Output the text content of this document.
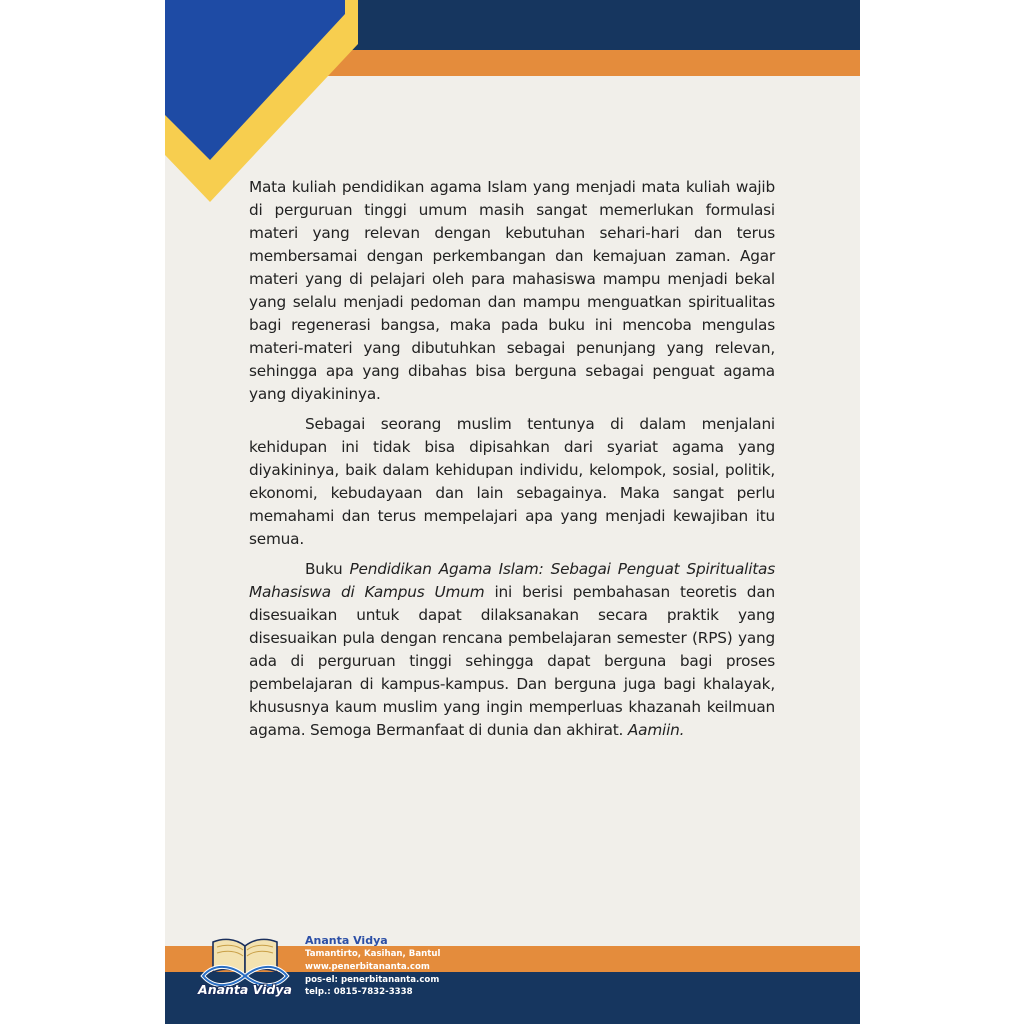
Mata kuliah pendidikan agama Islam yang menjadi mata kuliah wajib di perguruan tinggi umum masih sangat memerlukan formulasi materi yang relevan dengan kebutuhan sehari-hari dan terus membersamai dengan perkembangan dan kemajuan zaman. Agar materi yang di pelajari oleh para mahasiswa mampu menjadi bekal yang selalu menjadi pedoman dan mampu menguatkan spiritualitas bagi regenerasi bangsa, maka pada buku ini mencoba mengulas materi-materi yang dibutuhkan sebagai penunjang yang relevan, sehingga apa yang dibahas bisa berguna sebagai penguat agama yang diyakininya.

Sebagai seorang muslim tentunya di dalam menjalani kehidupan ini tidak bisa dipisahkan dari syariat agama yang diyakininya, baik dalam kehidupan individu, kelompok, sosial, politik, ekonomi, kebudayaan dan lain sebagainya. Maka sangat perlu memahami dan terus mempelajari apa yang menjadi kewajiban itu semua.

Buku Pendidikan Agama Islam: Sebagai Penguat Spiritualitas Mahasiswa di Kampus Umum ini berisi pembahasan teoretis dan disesuaikan untuk dapat dilaksanakan secara praktik yang disesuaikan pula dengan rencana pembelajaran semester (RPS) yang ada di perguruan tinggi sehingga dapat berguna bagi proses pembelajaran di kampus-kampus. Dan berguna juga bagi khalayak, khususnya kaum muslim yang ingin memperluas khazanah keilmuan agama. Semoga Bermanfaat di dunia dan akhirat. Aamiin.

Ananta Vidya
Ananta Vidya
Tamantirto, Kasihan, Bantul
www.penerbitananta.com
pos-el: penerbitananta.com
telp.: 0815-7832-3338
